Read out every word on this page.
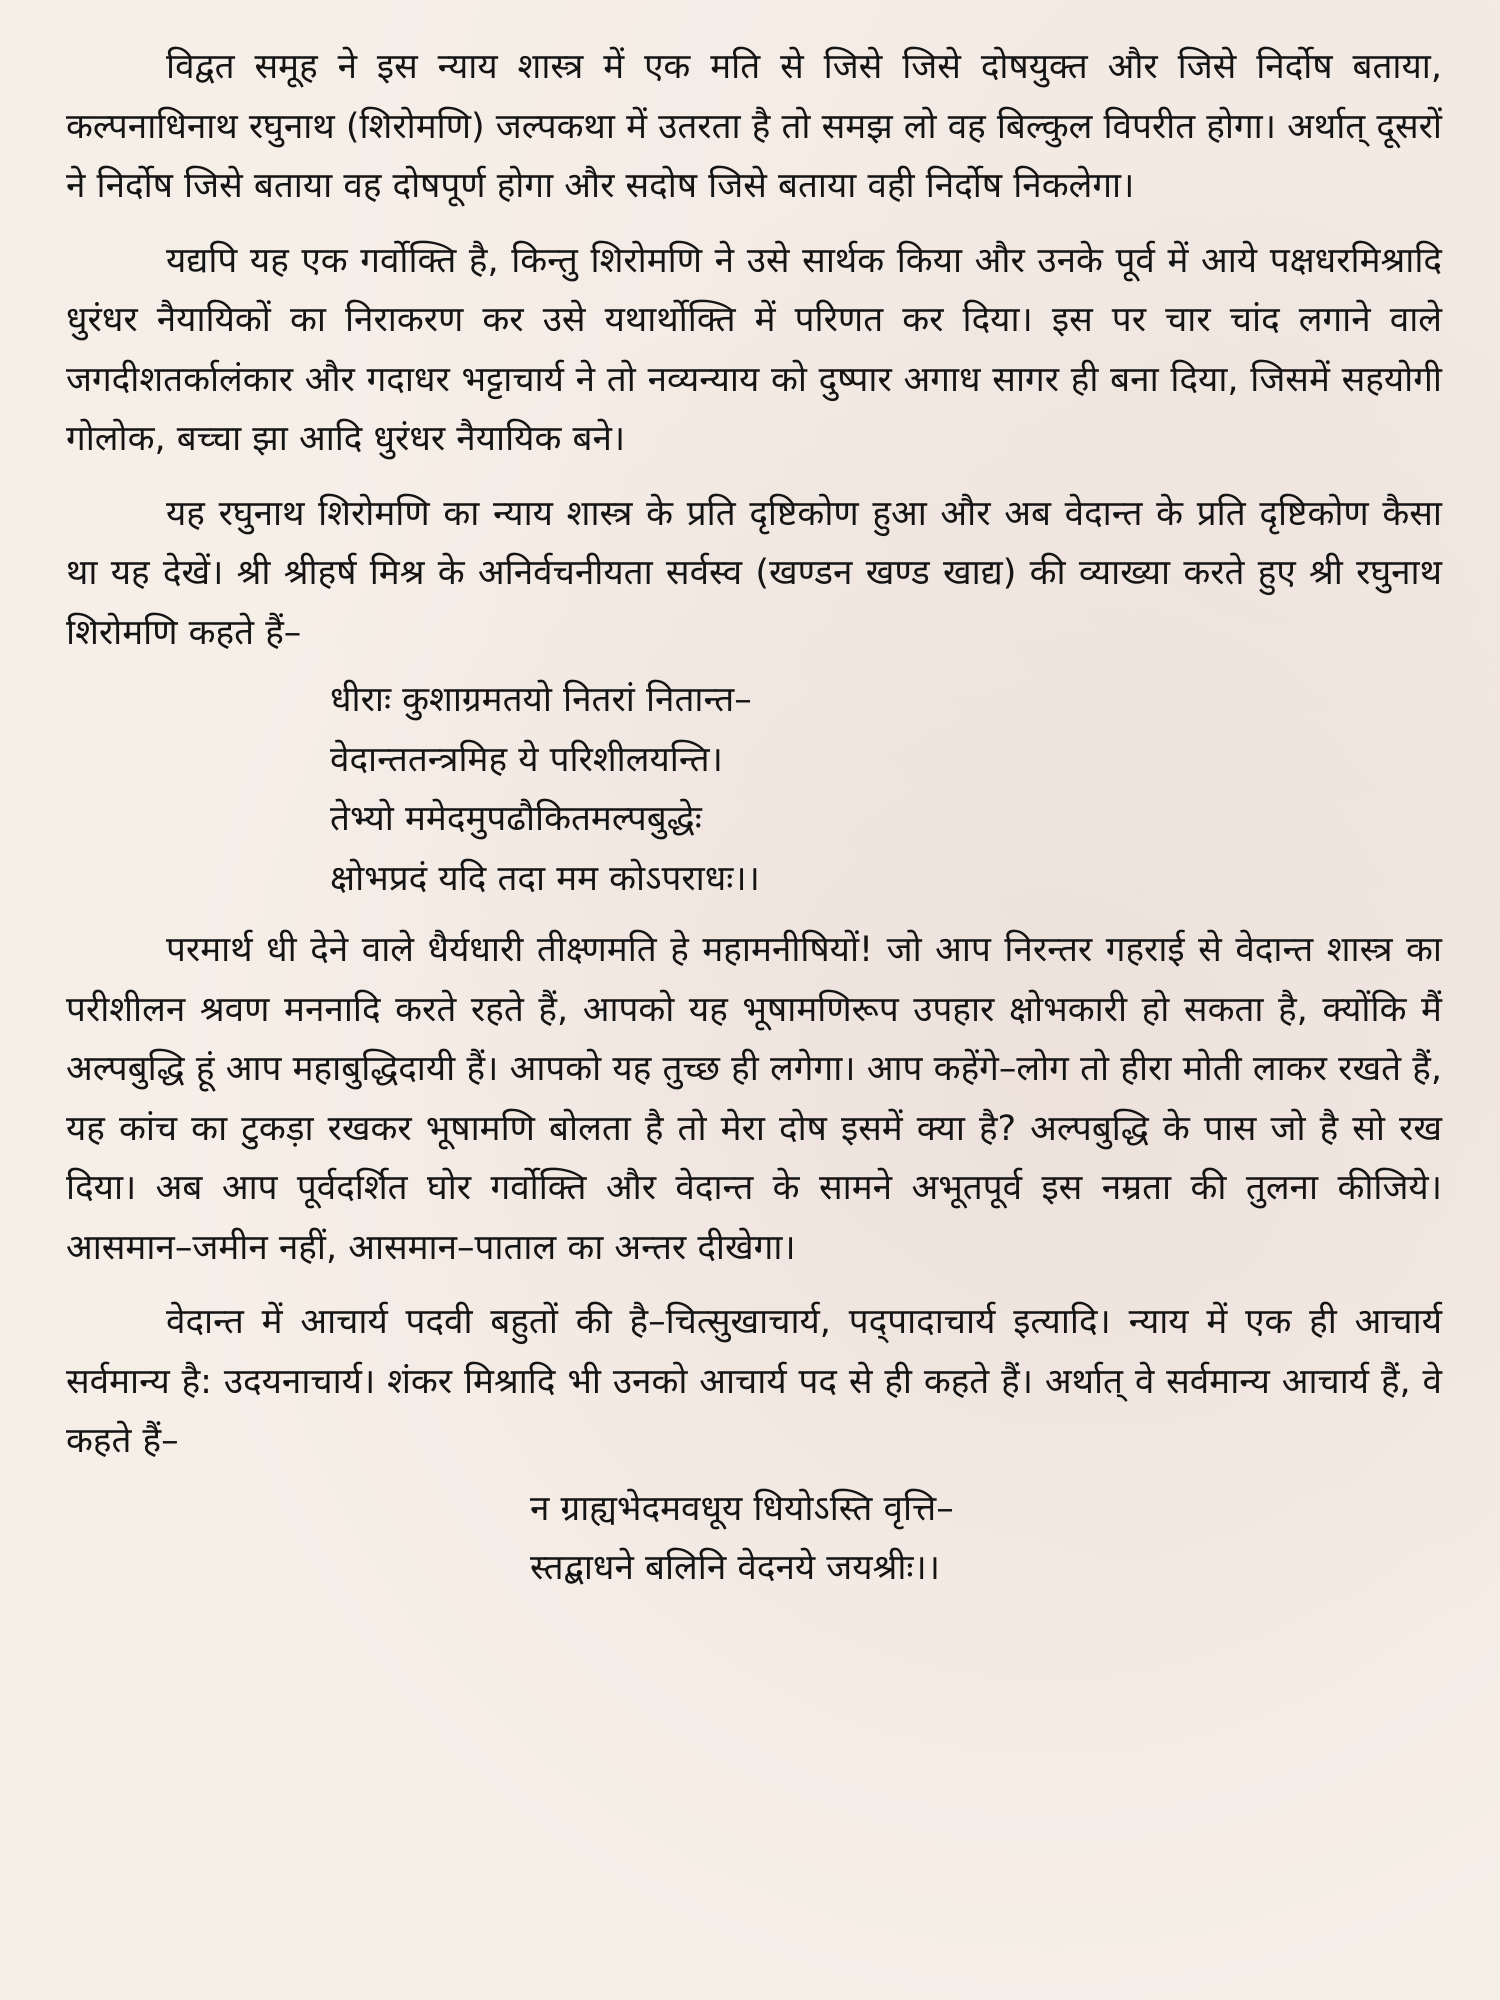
विद्वत समूह ने इस न्याय शास्त्र में एक मति से जिसे जिसे दोषयुक्त और जिसे निर्दोष बताया, कल्पनाधिनाथ रघुनाथ (शिरोमणि) जल्पकथा में उतरता है तो समझ लो वह बिल्कुल विपरीत होगा। अर्थात् दूसरों ने निर्दोष जिसे बताया वह दोषपूर्ण होगा और सदोष जिसे बताया वही निर्दोष निकलेगा।

यद्यपि यह एक गर्वोक्ति है, किन्तु शिरोमणि ने उसे सार्थक किया और उनके पूर्व में आये पक्षधरमिश्रादि धुरंधर नैयायिकों का निराकरण कर उसे यथार्थोक्ति में परिणत कर दिया। इस पर चार चांद लगाने वाले जगदीशतर्कालंकार और गदाधर भट्टाचार्य ने तो नव्यन्याय को दुष्पार अगाध सागर ही बना दिया, जिसमें सहयोगी गोलोक, बच्चा झा आदि धुरंधर नैयायिक बने।

यह रघुनाथ शिरोमणि का न्याय शास्त्र के प्रति दृष्टिकोण हुआ और अब वेदान्त के प्रति दृष्टिकोण कैसा था यह देखें। श्री श्रीहर्ष मिश्र के अनिर्वचनीयता सर्वस्व (खण्डन खण्ड खाद्य) की व्याख्या करते हुए श्री रघुनाथ शिरोमणि कहते हैं–

धीराः कुशाग्रमतयो नितरां नितान्त–
वेदान्ततन्त्रमिह ये परिशीलयन्ति।
तेभ्यो ममेदमुपढौकितमल्पबुद्धेः
क्षोभप्रदं यदि तदा मम कोऽपराधः।।

परमार्थ धी देने वाले धैर्यधारी तीक्ष्णमति हे महामनीषियों! जो आप निरन्तर गहराई से वेदान्त शास्त्र का परीशीलन श्रवण मननादि करते रहते हैं, आपको यह भूषामणिरूप उपहार क्षोभकारी हो सकता है, क्योंकि मैं अल्पबुद्धि हूं आप महाबुद्धिदायी हैं। आपको यह तुच्छ ही लगेगा। आप कहेंगे–लोग तो हीरा मोती लाकर रखते हैं, यह कांच का टुकड़ा रखकर भूषामणि बोलता है तो मेरा दोष इसमें क्या है? अल्पबुद्धि के पास जो है सो रख दिया। अब आप पूर्वदर्शित घोर गर्वोक्ति और वेदान्त के सामने अभूतपूर्व इस नम्रता की तुलना कीजिये। आसमान–जमीन नहीं, आसमान–पाताल का अन्तर दीखेगा।

वेदान्त में आचार्य पदवी बहुतों की है–चित्सुखाचार्य, पद्पादाचार्य इत्यादि। न्याय में एक ही आचार्य सर्वमान्य है: उदयनाचार्य। शंकर मिश्रादि भी उनको आचार्य पद से ही कहते हैं। अर्थात् वे सर्वमान्य आचार्य हैं, वे कहते हैं–

न ग्राह्यभेदमवधूय धियोऽस्ति वृत्ति–
स्तद्बाधने बलिनि वेदनये जयश्रीः।।
